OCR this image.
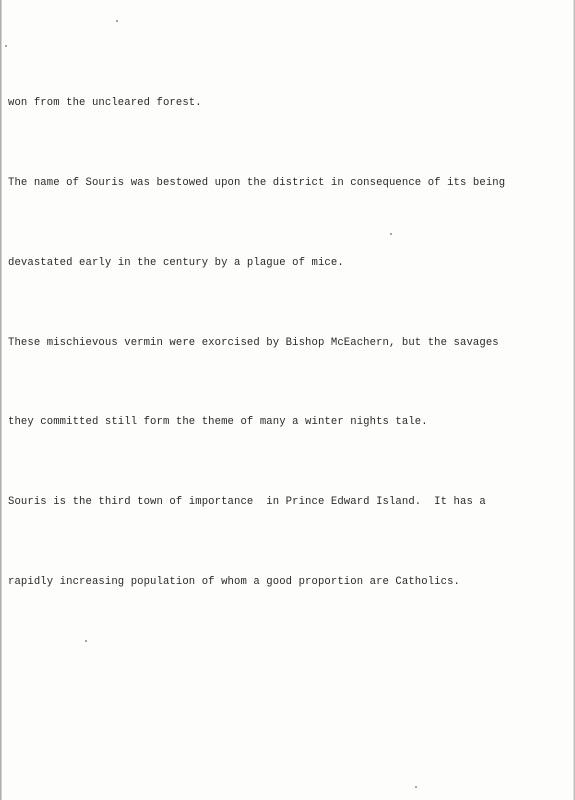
won from the uncleared forest.

The name of Souris was bestowed upon the district in consequence of its being

devastated early in the century by a plague of mice.

These mischievous vermin were exorcised by Bishop McEachern, but the savages

they committed still form the theme of many a winter nights tale.

Souris is the third town of importance  in Prince Edward Island.  It has a

rapidly increasing population of whom a good proportion are Catholics.
